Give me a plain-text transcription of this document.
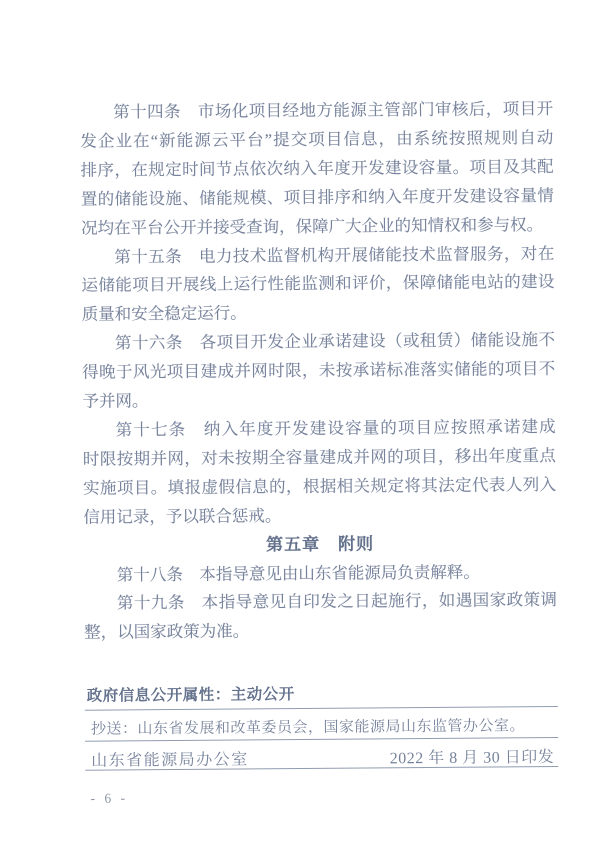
第十四条　市场化项目经地方能源主管部门审核后，项目开
发企业在“新能源云平台”提交项目信息，由系统按照规则自动
排序，在规定时间节点依次纳入年度开发建设容量。项目及其配
置的储能设施、储能规模、项目排序和纳入年度开发建设容量情
况均在平台公开并接受查询，保障广大企业的知情权和参与权。
第十五条　电力技术监督机构开展储能技术监督服务，对在
运储能项目开展线上运行性能监测和评价，保障储能电站的建设
质量和安全稳定运行。
第十六条　各项目开发企业承诺建设（或租赁）储能设施不
得晚于风光项目建成并网时限，未按承诺标准落实储能的项目不
予并网。
第十七条　纳入年度开发建设容量的项目应按照承诺建成
时限按期并网，对未按期全容量建成并网的项目，移出年度重点
实施项目。填报虚假信息的，根据相关规定将其法定代表人列入
信用记录，予以联合惩戒。
第五章　附则
第十八条　本指导意见由山东省能源局负责解释。
第十九条　本指导意见自印发之日起施行，如遇国家政策调
整，以国家政策为准。
政府信息公开属性：主动公开
抄送：山东省发展和改革委员会，国家能源局山东监管办公室。
山东省能源局办公室	2022 年 8 月 30 日印发
- 6 -
